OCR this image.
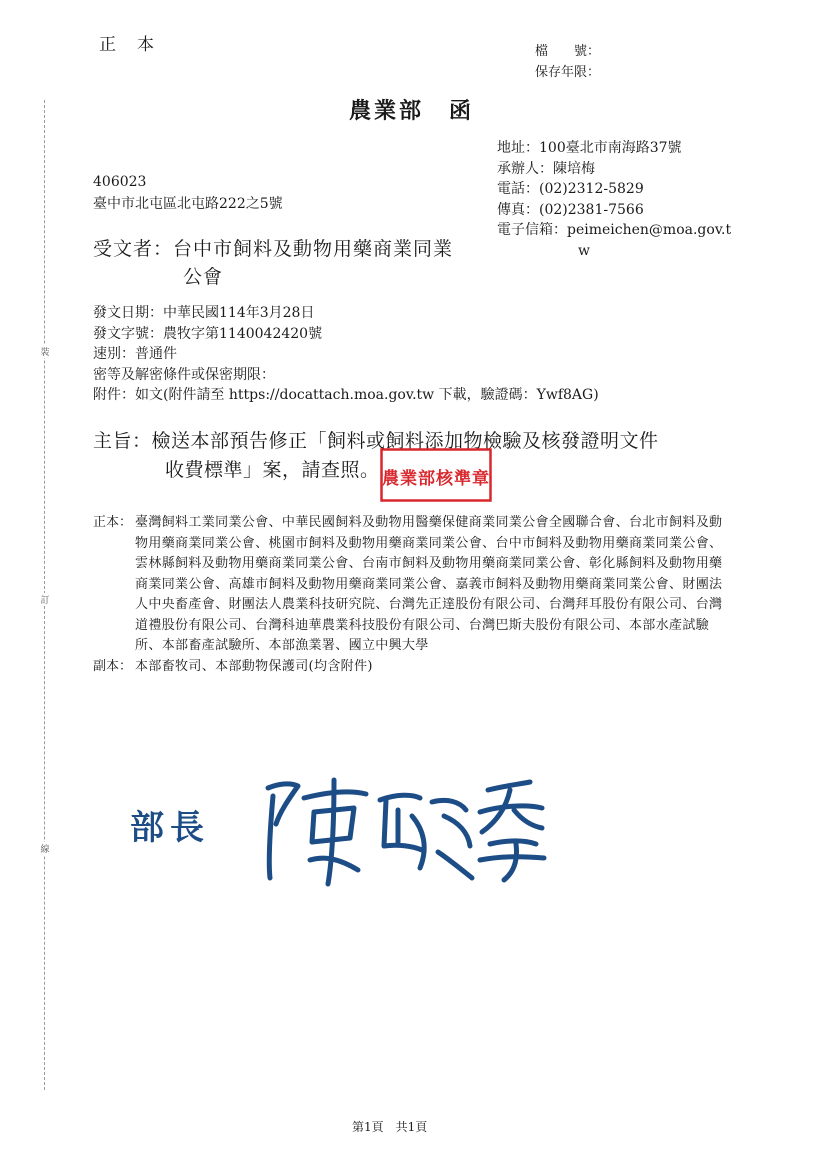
裝
訂
線
正　本	檔　　號：
保存年限：
農業部　函
地址：100臺北市南海路37號
承辦人：陳培梅
電話：(02)2312-5829
傳真：(02)2381-7566
電子信箱：peimeichen@moa.gov.t
w
406023
臺中市北屯區北屯路222之5號
受文者：台中市飼料及動物用藥商業同業
公會
發文日期：中華民國114年3月28日
發文字號：農牧字第1140042420號
速別：普通件
密等及解密條件或保密期限：
附件：如文(附件請至 https://docattach.moa.gov.tw 下載，驗證碼：Ywf8AG)
主旨：檢送本部預告修正「飼料或飼料添加物檢驗及核發證明文件
收費標準」案，請查照。 農業部核準章
正本： 臺灣飼料工業同業公會、中華民國飼料及動物用醫藥保健商業同業公會全國聯合會、台北市飼料及動物用藥商業同業公會、桃園市飼料及動物用藥商業同業公會、台中市飼料及動物用藥商業同業公會、雲林縣飼料及動物用藥商業同業公會、台南市飼料及動物用藥商業同業公會、彰化縣飼料及動物用藥商業同業公會、高雄市飼料及動物用藥商業同業公會、嘉義市飼料及動物用藥商業同業公會、財團法人中央畜產會、財團法人農業科技研究院、台灣先正達股份有限公司、台灣拜耳股份有限公司、台灣道禮股份有限公司、台灣科迪華農業科技股份有限公司、台灣巴斯夫股份有限公司、本部水產試驗所、本部畜產試驗所、本部漁業署、國立中興大學
副本： 本部畜牧司、本部動物保護司(均含附件)
部長
第1頁　共1頁
